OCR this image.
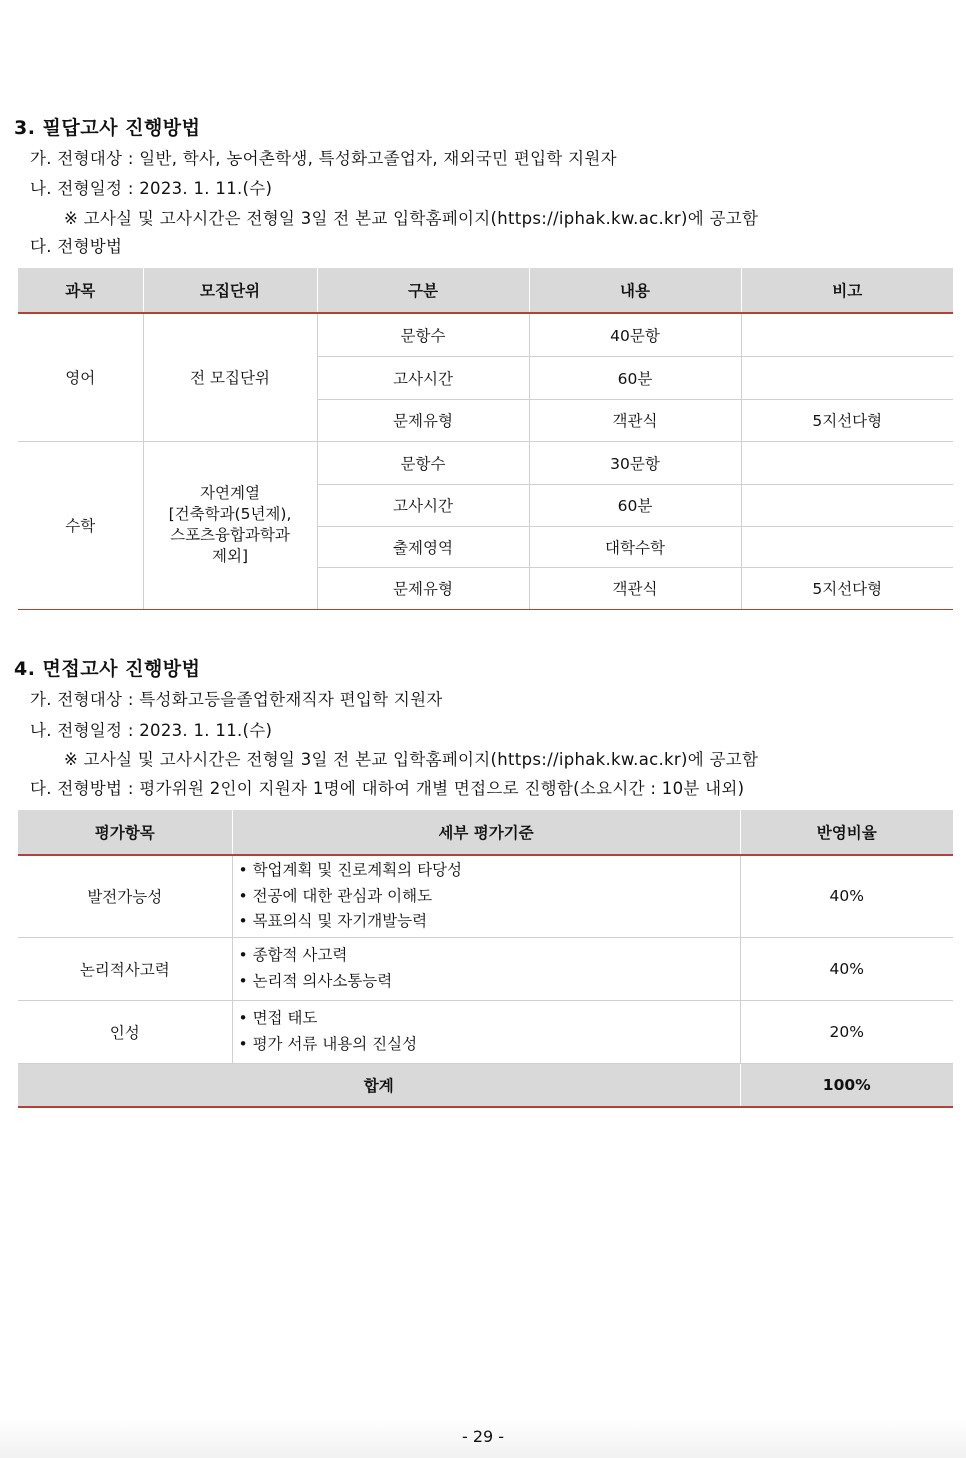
3. 필답고사 진행방법
가. 전형대상 : 일반, 학사, 농어촌학생, 특성화고졸업자, 재외국민 편입학 지원자
나. 전형일정 : 2023. 1. 11.(수)
※ 고사실 및 고사시간은 전형일 3일 전 본교 입학홈페이지(https://iphak.kw.ac.kr)에 공고함
다. 전형방법
과목	모집단위	구분	내용	비고
영어	전 모집단위	문항수	40문항	
		고사시간	60분	
		문제유형	객관식	5지선다형
수학	자연계열
[건축학과(5년제),
스포츠융합과학과
제외]	문항수	30문항	
		고사시간	60분	
		출제영역	대학수학	
		문제유형	객관식	5지선다형
4. 면접고사 진행방법
가. 전형대상 : 특성화고등을졸업한재직자 편입학 지원자
나. 전형일정 : 2023. 1. 11.(수)
※ 고사실 및 고사시간은 전형일 3일 전 본교 입학홈페이지(https://iphak.kw.ac.kr)에 공고함
다. 전형방법 : 평가위원 2인이 지원자 1명에 대하여 개별 면접으로 진행함(소요시간 : 10분 내외)
평가항목	세부 평가기준	반영비율
발전가능성	• 학업계획 및 진로계획의 타당성
• 전공에 대한 관심과 이해도
• 목표의식 및 자기개발능력	40%
논리적사고력	• 종합적 사고력
• 논리적 의사소통능력	40%
인성	• 면접 태도
• 평가 서류 내용의 진실성	20%
합계		100%
- 29 -
